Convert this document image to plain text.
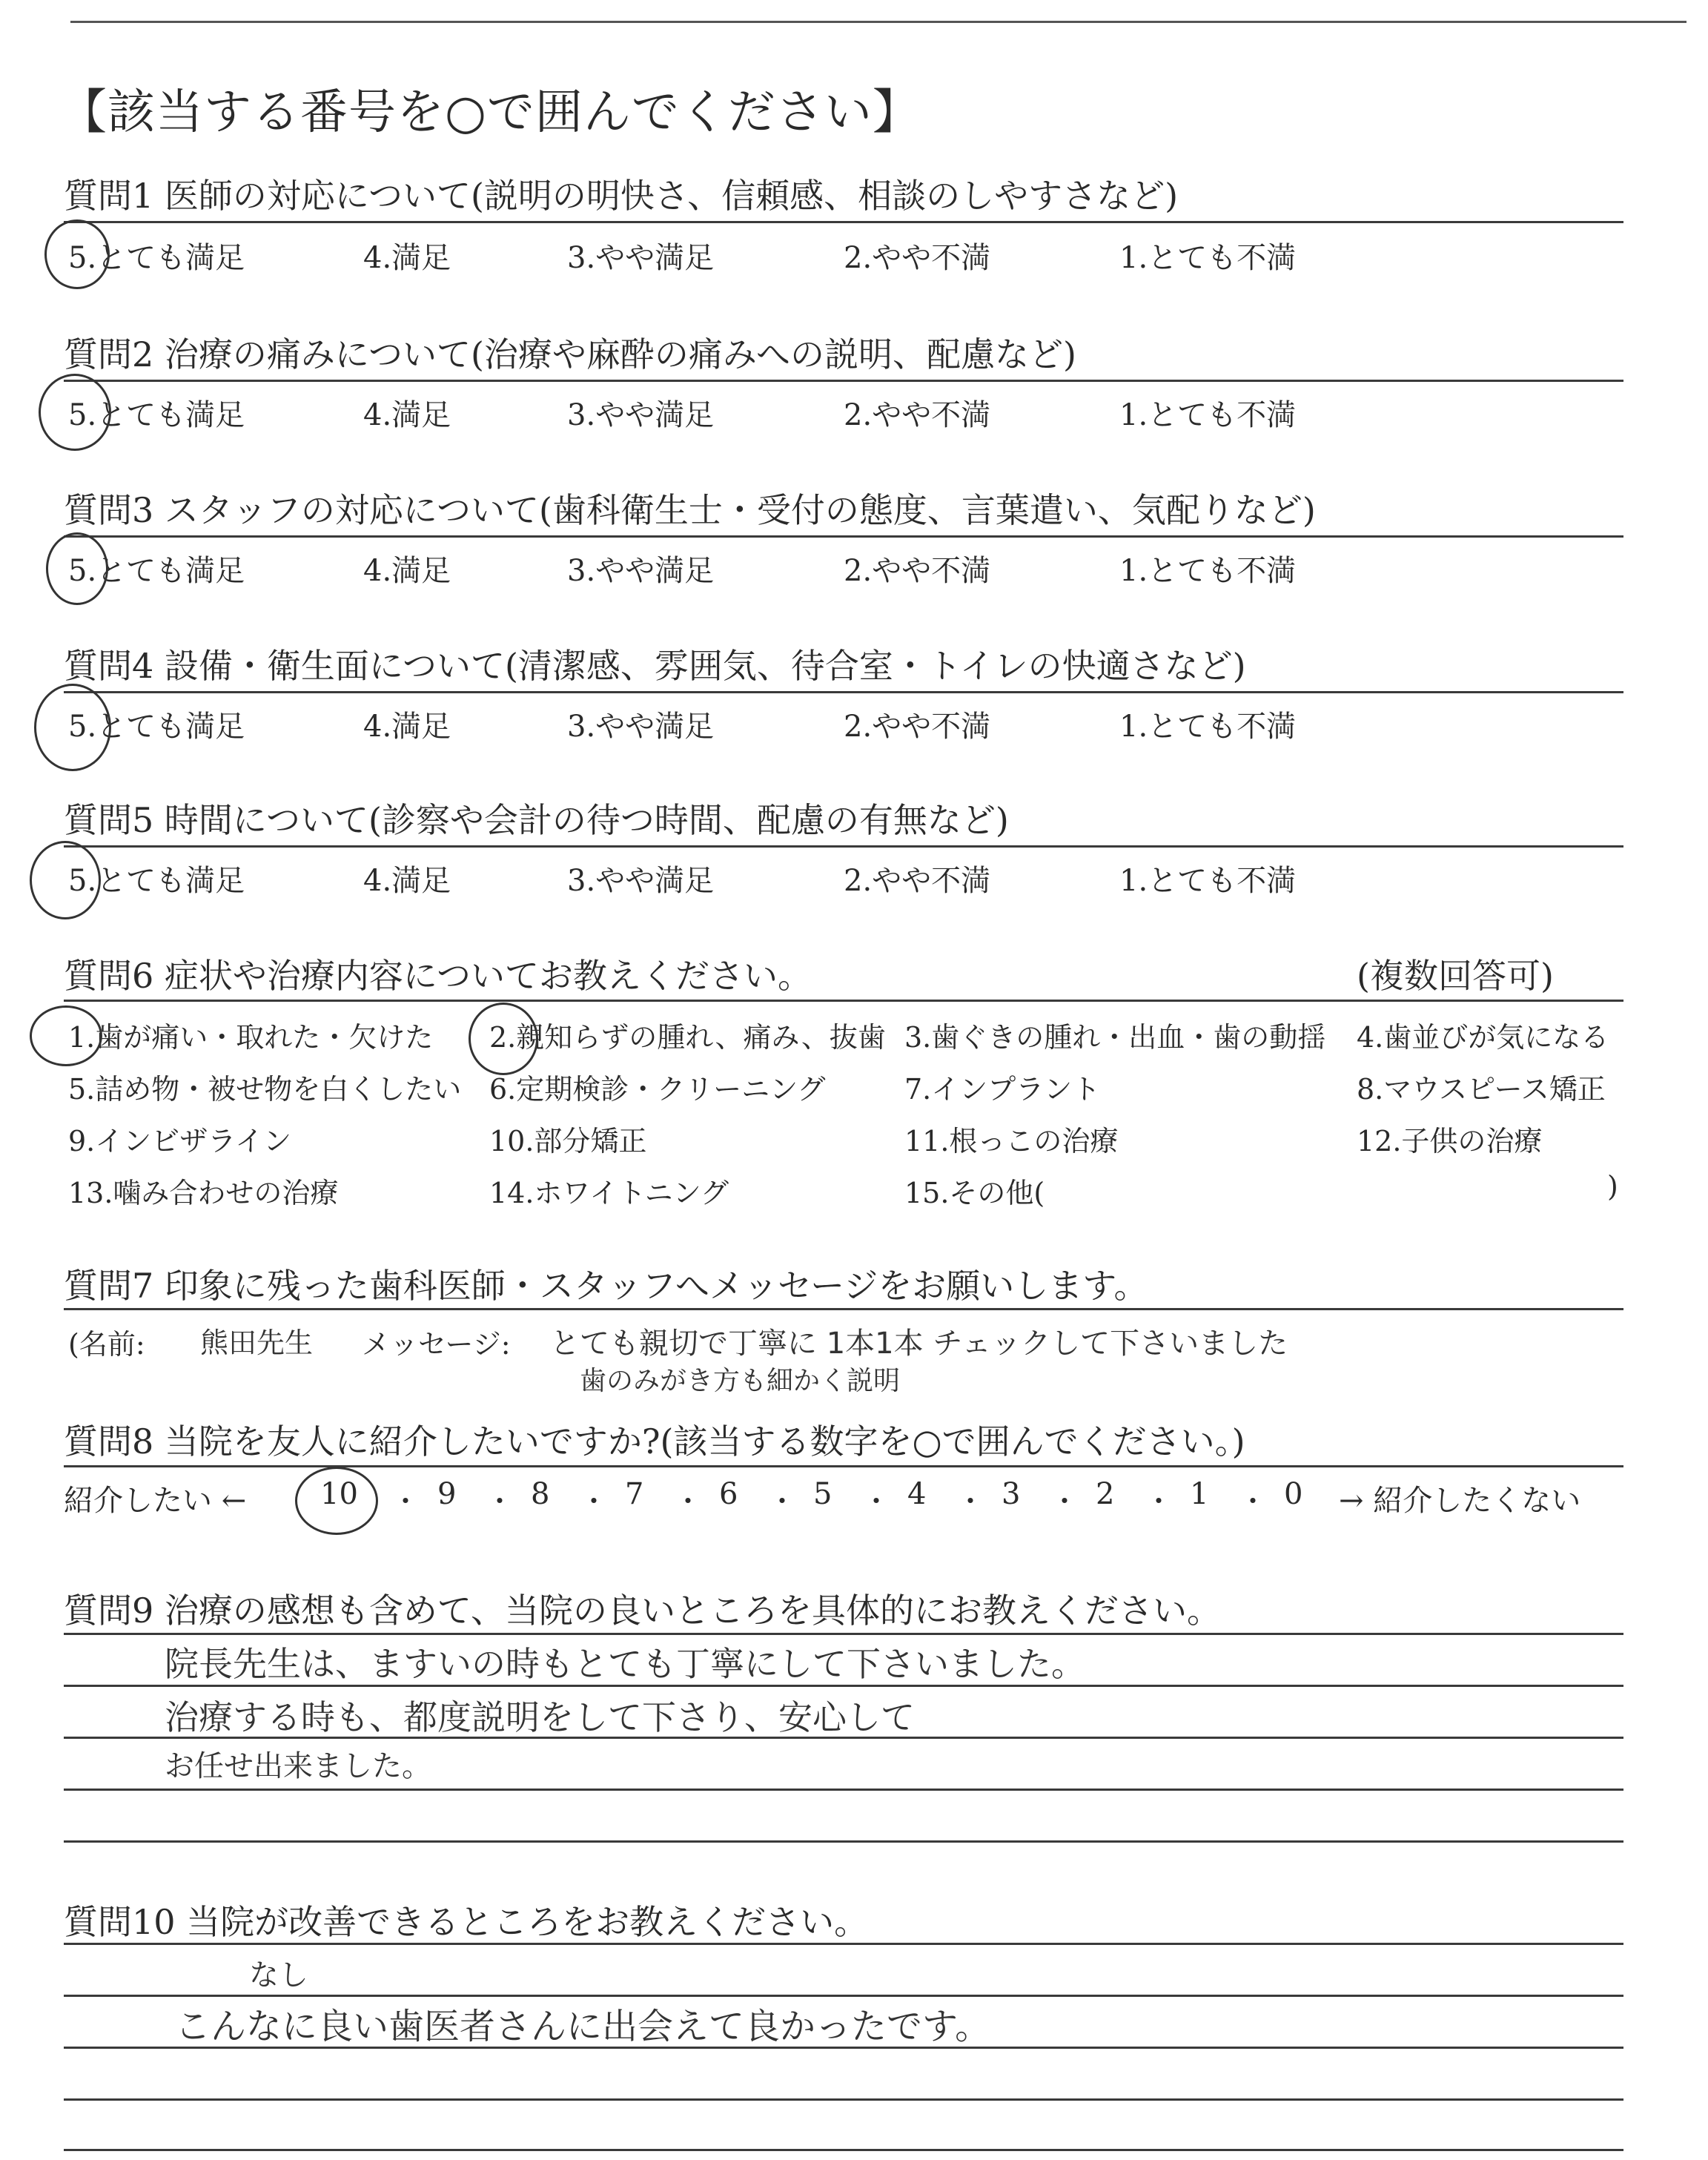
【該当する番号を○で囲んでください】
質問1 医師の対応について(説明の明快さ、信頼感、相談のしやすさなど)
5.とても満足	4.満足	3.やや満足	2.やや不満	1.とても不満
質問2 治療の痛みについて(治療や麻酔の痛みへの説明、配慮など)
5.とても満足	4.満足	3.やや満足	2.やや不満	1.とても不満
質問3 スタッフの対応について(歯科衛生士・受付の態度、言葉遣い、気配りなど)
5.とても満足	4.満足	3.やや満足	2.やや不満	1.とても不満
質問4 設備・衛生面について(清潔感、雰囲気、待合室・トイレの快適さなど)
5.とても満足	4.満足	3.やや満足	2.やや不満	1.とても不満
質問5 時間について(診察や会計の待つ時間、配慮の有無など)
5.とても満足	4.満足	3.やや満足	2.やや不満	1.とても不満
質問6 症状や治療内容についてお教えください。	(複数回答可)
1.歯が痛い・取れた・欠けた 2.親知らずの腫れ、痛み、抜歯 3.歯ぐきの腫れ・出血・歯の動揺 4.歯並びが気になる
5.詰め物・被せ物を白くしたい 6.定期検診・クリーニング	7.インプラント	8.マウスピース矯正
9.インビザライン	10.部分矯正	11.根っこの治療	12.子供の治療
13.噛み合わせの治療	14.ホワイトニング	15.その他(	)
質問7 印象に残った歯科医師・スタッフへメッセージをお願いします。
(名前: 熊田先生 メッセージ: とても親切で丁寧に 1本1本 チェックして下さいました
歯のみがき方も細かく説明
質問8 当院を友人に紹介したいですか?(該当する数字を○で囲んでください。)
紹介したい ← 10 ・ 9 ・ 8 ・ 7 ・ 6 ・ 5 ・ 4 ・ 3 ・ 2 ・ 1 ・ 0 → 紹介したくない
質問9 治療の感想も含めて、当院の良いところを具体的にお教えください。
院長先生は、ますいの時もとても丁寧にして下さいました。
治療する時も、都度説明をして下さり、安心して
お任せ出来ました。
質問10 当院が改善できるところをお教えください。
なし
こんなに良い歯医者さんに出会えて良かったです。
